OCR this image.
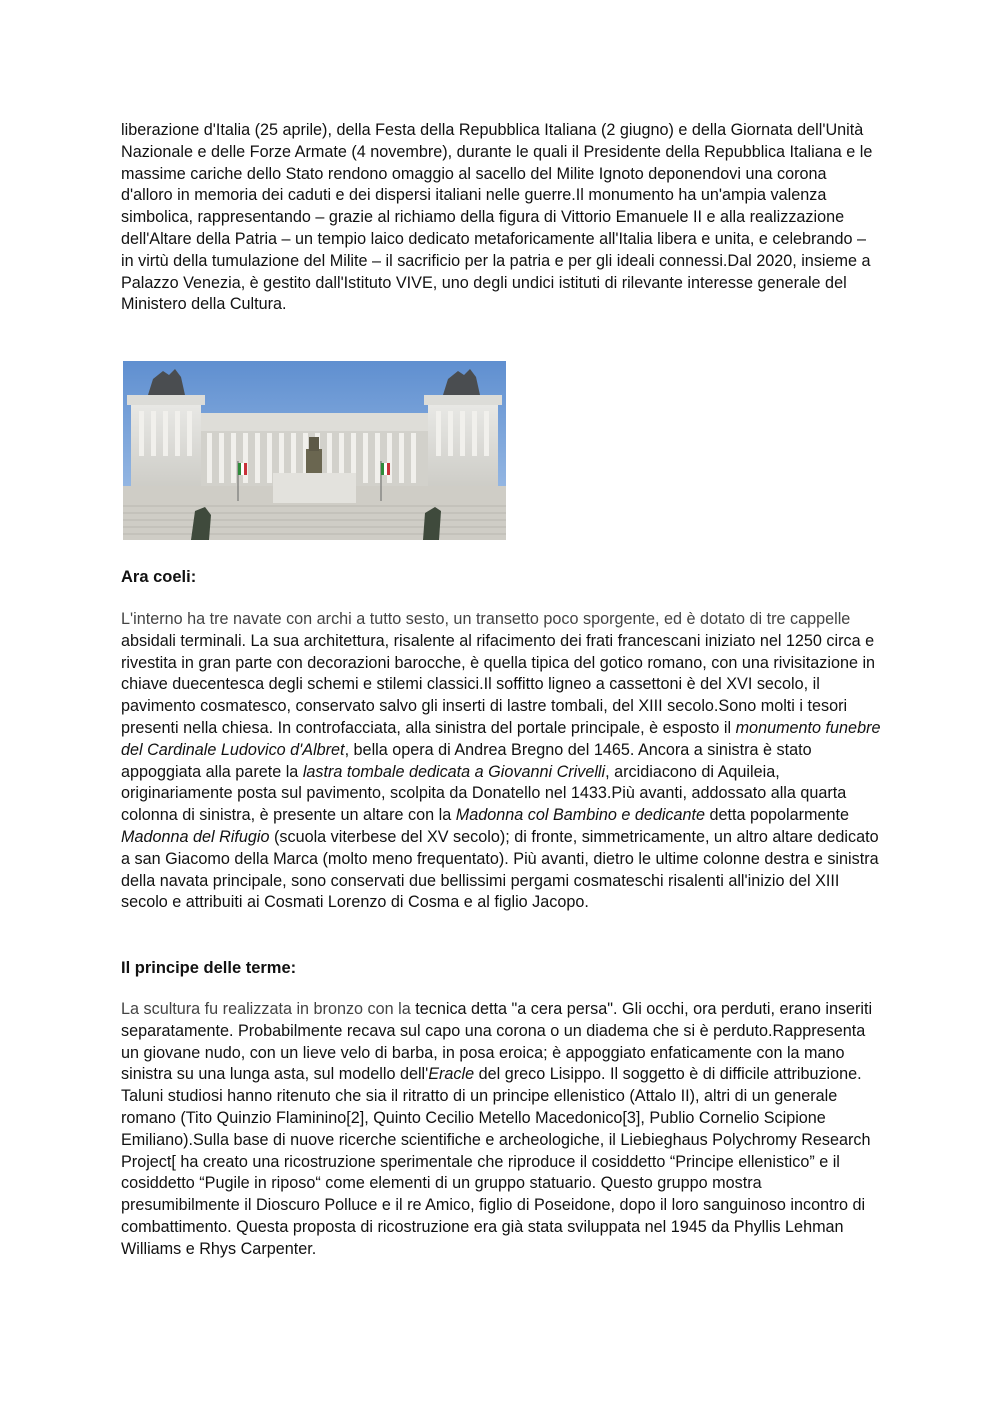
liberazione d'Italia (25 aprile), della Festa della Repubblica Italiana (2 giugno) e della Giornata dell'Unità Nazionale e delle Forze Armate (4 novembre), durante le quali il Presidente della Repubblica Italiana e le massime cariche dello Stato rendono omaggio al sacello del Milite Ignoto deponendovi una corona d'alloro in memoria dei caduti e dei dispersi italiani nelle guerre.Il monumento ha un'ampia valenza simbolica, rappresentando – grazie al richiamo della figura di Vittorio Emanuele II e alla realizzazione dell'Altare della Patria – un tempio laico dedicato metaforicamente all'Italia libera e unita, e celebrando – in virtù della tumulazione del Milite – il sacrificio per la patria e per gli ideali connessi.Dal 2020, insieme a Palazzo Venezia, è gestito dall'Istituto VIVE, uno degli undici istituti di rilevante interesse generale del Ministero della Cultura.

Ara coeli:

L'interno ha tre navate con archi a tutto sesto, un transetto poco sporgente, ed è dotato di tre cappelle absidali terminali. La sua architettura, risalente al rifacimento dei frati francescani iniziato nel 1250 circa e rivestita in gran parte con decorazioni barocche, è quella tipica del gotico romano, con una rivisitazione in chiave duecentesca degli schemi e stilemi classici.Il soffitto ligneo a cassettoni è del XVI secolo, il pavimento cosmatesco, conservato salvo gli inserti di lastre tombali, del XIII secolo.Sono molti i tesori presenti nella chiesa. In controfacciata, alla sinistra del portale principale, è esposto il monumento funebre del Cardinale Ludovico d'Albret, bella opera di Andrea Bregno del 1465. Ancora a sinistra è stato appoggiata alla parete la lastra tombale dedicata a Giovanni Crivelli, arcidiacono di Aquileia, originariamente posta sul pavimento, scolpita da Donatello nel 1433.Più avanti, addossato alla quarta colonna di sinistra, è presente un altare con la Madonna col Bambino e dedicante detta popolarmente Madonna del Rifugio (scuola viterbese del XV secolo); di fronte, simmetricamente, un altro altare dedicato a san Giacomo della Marca (molto meno frequentato). Più avanti, dietro le ultime colonne destra e sinistra della navata principale, sono conservati due bellissimi pergami cosmateschi risalenti all'inizio del XIII secolo e attribuiti ai Cosmati Lorenzo di Cosma e al figlio Jacopo.

Il principe delle terme:

La scultura fu realizzata in bronzo con la tecnica detta "a cera persa". Gli occhi, ora perduti, erano inseriti separatamente. Probabilmente recava sul capo una corona o un diadema che si è perduto.Rappresenta un giovane nudo, con un lieve velo di barba, in posa eroica; è appoggiato enfaticamente con la mano sinistra su una lunga asta, sul modello dell'Eracle del greco Lisippo. Il soggetto è di difficile attribuzione. Taluni studiosi hanno ritenuto che sia il ritratto di un principe ellenistico (Attalo II), altri di un generale romano (Tito Quinzio Flaminino[2], Quinto Cecilio Metello Macedonico[3], Publio Cornelio Scipione Emiliano).Sulla base di nuove ricerche scientifiche e archeologiche, il Liebieghaus Polychromy Research Project[ ha creato una ricostruzione sperimentale che riproduce il cosiddetto “Principe ellenistico” e il cosiddetto “Pugile in riposo“ come elementi di un gruppo statuario. Questo gruppo mostra presumibilmente il Dioscuro Polluce e il re Amico, figlio di Poseidone, dopo il loro sanguinoso incontro di combattimento. Questa proposta di ricostruzione era già stata sviluppata nel 1945 da Phyllis Lehman Williams e Rhys Carpenter.
